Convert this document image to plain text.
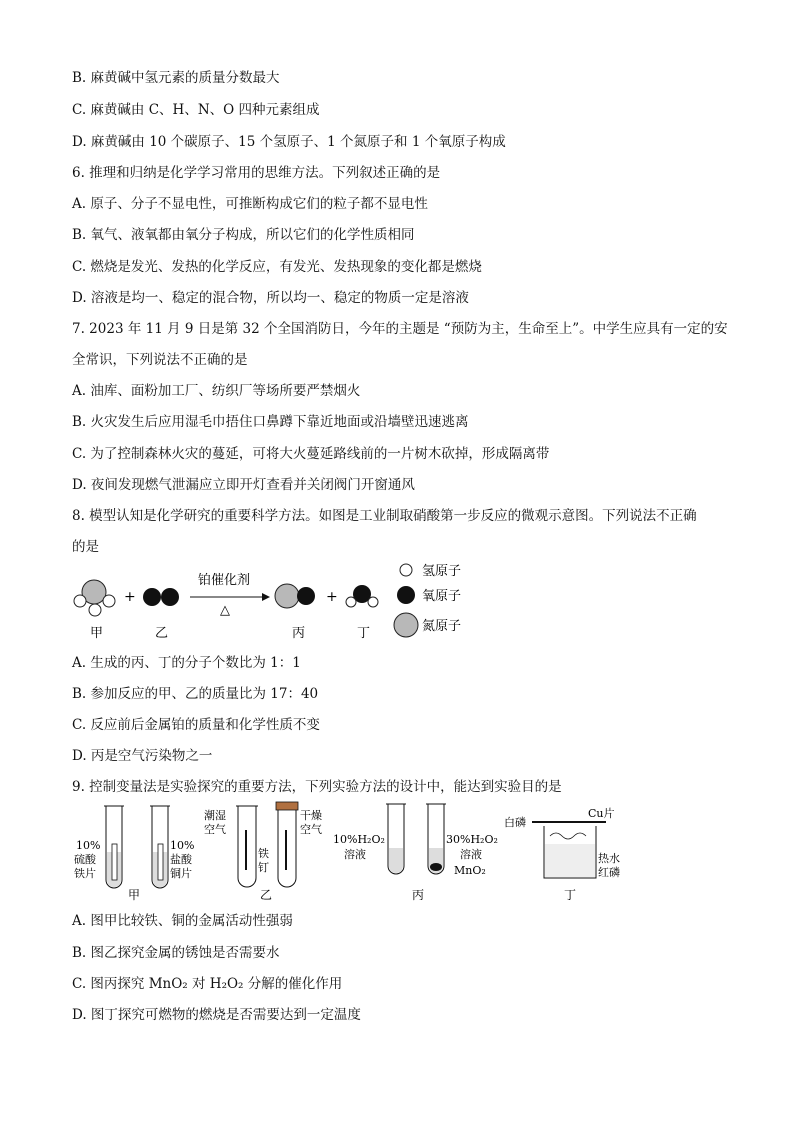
B. 麻黄碱中氢元素的质量分数最大
C. 麻黄碱由 C、H、N、O 四种元素组成
D. 麻黄碱由 10 个碳原子、15 个氢原子、1 个氮原子和 1 个氧原子构成
6. 推理和归纳是化学学习常用的思维方法。下列叙述正确的是
A. 原子、分子不显电性，可推断构成它们的粒子都不显电性
B. 氧气、液氧都由氧分子构成，所以它们的化学性质相同
C. 燃烧是发光、发热的化学反应，有发光、发热现象的变化都是燃烧
D. 溶液是均一、稳定的混合物，所以均一、稳定的物质一定是溶液
7. 2023 年 11 月 9 日是第 32 个全国消防日，今年的主题是 “预防为主，生命至上”。中学生应具有一定的安
全常识，下列说法不正确的是
A. 油库、面粉加工厂、纺织厂等场所要严禁烟火
B. 火灾发生后应用湿毛巾捂住口鼻蹲下靠近地面或沿墙壁迅速逃离
C. 为了控制森林火灾的蔓延，可将大火蔓延路线前的一片树木砍掉，形成隔离带
D. 夜间发现燃气泄漏应立即开灯查看并关闭阀门开窗通风
8. 模型认知是化学研究的重要科学方法。如图是工业制取硝酸第一步反应的微观示意图。下列说法不正确
的是
+
铂催化剂
△
+
甲	乙	丙	丁
氢原子
氧原子
氮原子
A. 生成的丙、丁的分子个数比为 1：1
B. 参加反应的甲、乙的质量比为 17：40
C. 反应前后金属铂的质量和化学性质不变
D. 丙是空气污染物之一
9. 控制变量法是实验探究的重要方法，下列实验方法的设计中，能达到实验目的是
10%
硫酸
铁片
10%
盐酸
铜片
甲
潮湿
空气
铁
钉
干燥
空气
乙
10%H₂O₂
溶液
30%H₂O₂
溶液
MnO₂
丙
白磷
Cu片
热水
红磷
丁
A. 图甲比较铁、铜的金属活动性强弱
B. 图乙探究金属的锈蚀是否需要水
C. 图丙探究 MnO₂ 对 H₂O₂ 分解的催化作用
D. 图丁探究可燃物的燃烧是否需要达到一定温度
